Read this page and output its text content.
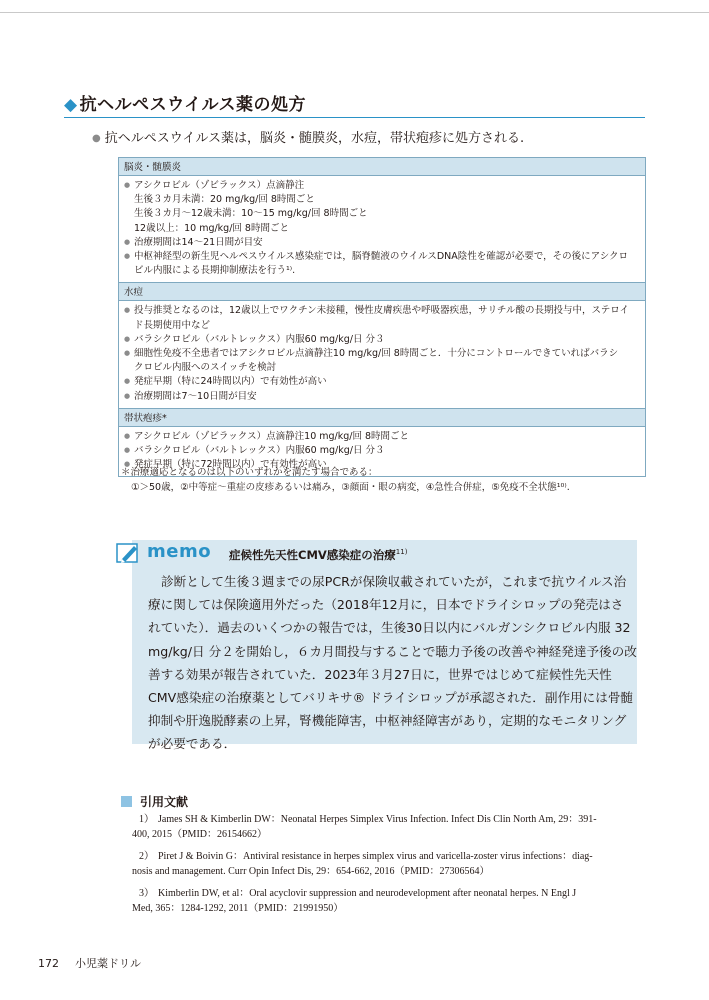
◆ 抗ヘルペスウイルス薬の処方
● 抗ヘルペスウイルス薬は，脳炎・髄膜炎，水痘，帯状疱疹に処方される.
脳炎・髄膜炎
● アシクロビル（ゾビラックス）点滴静注
生後３カ月未満：20 mg/kg/回 8時間ごと
生後３カ月～12歳未満：10～15 mg/kg/回 8時間ごと
12歳以上：10 mg/kg/回 8時間ごと
● 治療期間は14～21日間が目安
● 中枢神経型の新生児ヘルペスウイルス感染症では，脳脊髄液のウイルスDNA陰性を確認が必要で，その後にアシクロ
ビル内服による長期抑制療法を行う¹⁾.
水痘
● 投与推奨となるのは，12歳以上でワクチン未接種，慢性皮膚疾患や呼吸器疾患，サリチル酸の長期投与中，ステロイ
ド長期使用中など
● バラシクロビル（バルトレックス）内服60 mg/kg/日 分３
● 細胞性免疫不全患者ではアシクロビル点滴静注10 mg/kg/回 8時間ごと．十分にコントロールできていればバラシ
クロビル内服へのスイッチを検討
● 発症早期（特に24時間以内）で有効性が高い
● 治療期間は7～10日間が目安
帯状疱疹*
● アシクロビル（ゾビラックス）点滴静注10 mg/kg/回 8時間ごと
● バラシクロビル（バルトレックス）内服60 mg/kg/日 分３
● 発症早期（特に72時間以内）で有効性が高い
＊治療適応となるのは以下のいずれかを満たす場合である：
①＞50歳，②中等症～重症の皮疹あるいは痛み，③顔面・眼の病変，④急性合併症，⑤免疫不全状態¹⁰⁾.
memo 症候性先天性CMV感染症の治療$^{11)}$
診断として生後３週までの尿PCRが保険収載されていたが，これまで抗ウイルス治
療に関しては保険適用外だった（2018年12月に，日本でドライシロップの発売はさ
れていた）．過去のいくつかの報告では，生後30日以内にバルガンシクロビル内服 32
mg/kg/日 分２を開始し，６カ月間投与することで聴力予後の改善や神経発達予後の改
善する効果が報告されていた．2023年３月27日に，世界ではじめて症候性先天性
CMV感染症の治療薬としてバリキサ® ドライシロップが承認された．副作用には骨髄
抑制や肝逸脱酵素の上昇，腎機能障害，中枢神経障害があり，定期的なモニタリング
が必要である．
引用文献
1） James SH & Kimberlin DW：Neonatal Herpes Simplex Virus Infection. Infect Dis Clin North Am, 29：391-
400, 2015（PMID：26154662）
2） Piret J & Boivin G：Antiviral resistance in herpes simplex virus and varicella-zoster virus infections：diag-
nosis and management. Curr Opin Infect Dis, 29：654-662, 2016（PMID：27306564）
3） Kimberlin DW, et al：Oral acyclovir suppression and neurodevelopment after neonatal herpes. N Engl J
Med, 365：1284-1292, 2011（PMID：21991950）
172 小児薬ドリル
